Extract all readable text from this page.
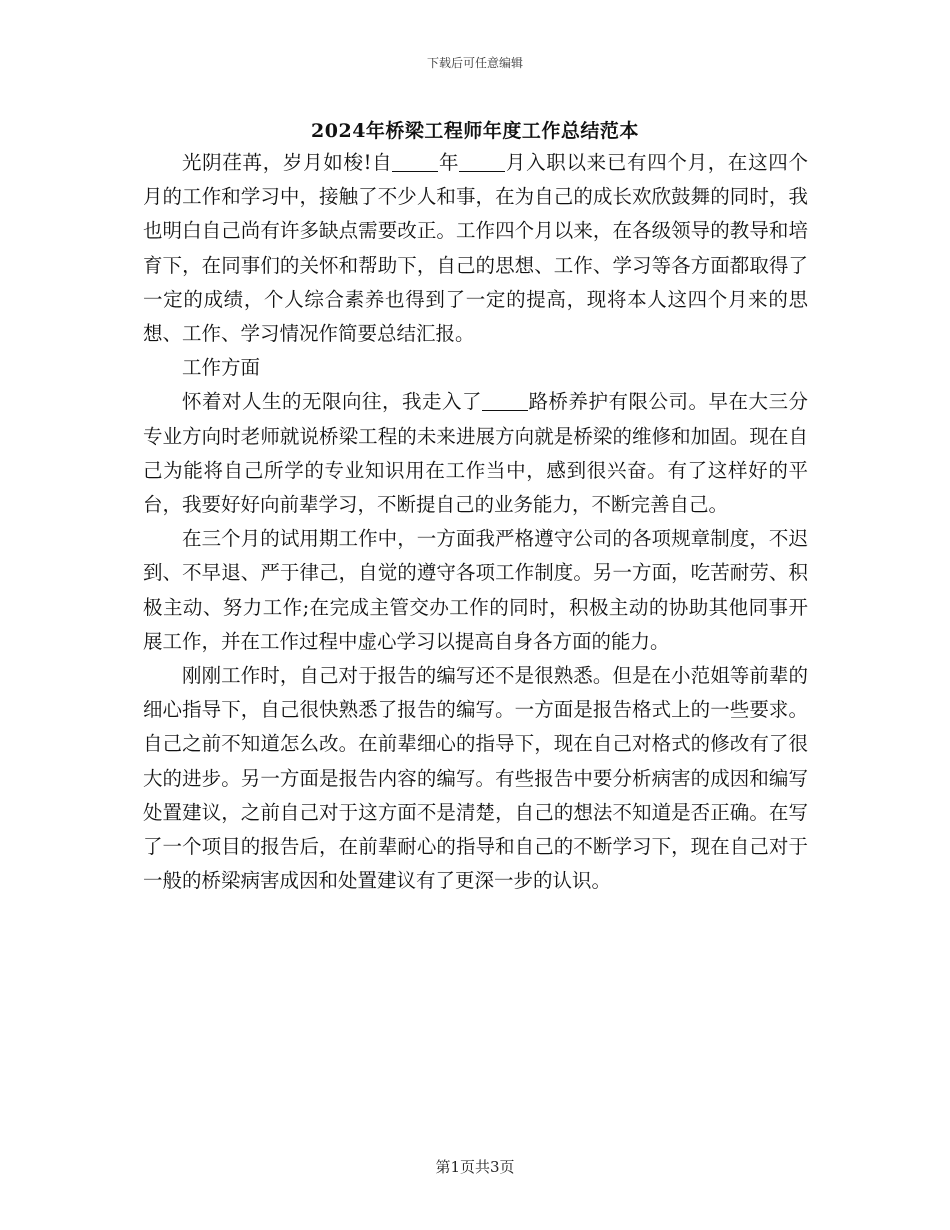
下载后可任意编辑
2024年桥梁工程师年度工作总结范本

光阴荏苒，岁月如梭!自 年 月入职以来已有四个月，在这四个月的工作和学习中，接触了不少人和事，在为自己的成长欢欣鼓舞的同时，我也明白自己尚有许多缺点需要改正。工作四个月以来，在各级领导的教导和培育下，在同事们的关怀和帮助下，自己的思想、工作、学习等各方面都取得了一定的成绩，个人综合素养也得到了一定的提高，现将本人这四个月来的思想、工作、学习情况作简要总结汇报。

工作方面

怀着对人生的无限向往，我走入了 路桥养护有限公司。早在大三分专业方向时老师就说桥梁工程的未来进展方向就是桥梁的维修和加固。现在自己为能将自己所学的专业知识用在工作当中，感到很兴奋。有了这样好的平台，我要好好向前辈学习，不断提自己的业务能力，不断完善自己。

在三个月的试用期工作中，一方面我严格遵守公司的各项规章制度，不迟到、不早退、严于律己，自觉的遵守各项工作制度。另一方面，吃苦耐劳、积极主动、努力工作;在完成主管交办工作的同时，积极主动的协助其他同事开展工作，并在工作过程中虚心学习以提高自身各方面的能力。

刚刚工作时，自己对于报告的编写还不是很熟悉。但是在小范姐等前辈的细心指导下，自己很快熟悉了报告的编写。一方面是报告格式上的一些要求。自己之前不知道怎么改。在前辈细心的指导下，现在自己对格式的修改有了很大的进步。另一方面是报告内容的编写。有些报告中要分析病害的成因和编写处置建议，之前自己对于这方面不是清楚，自己的想法不知道是否正确。在写了一个项目的报告后，在前辈耐心的指导和自己的不断学习下，现在自己对于一般的桥梁病害成因和处置建议有了更深一步的认识。

第1页共3页
